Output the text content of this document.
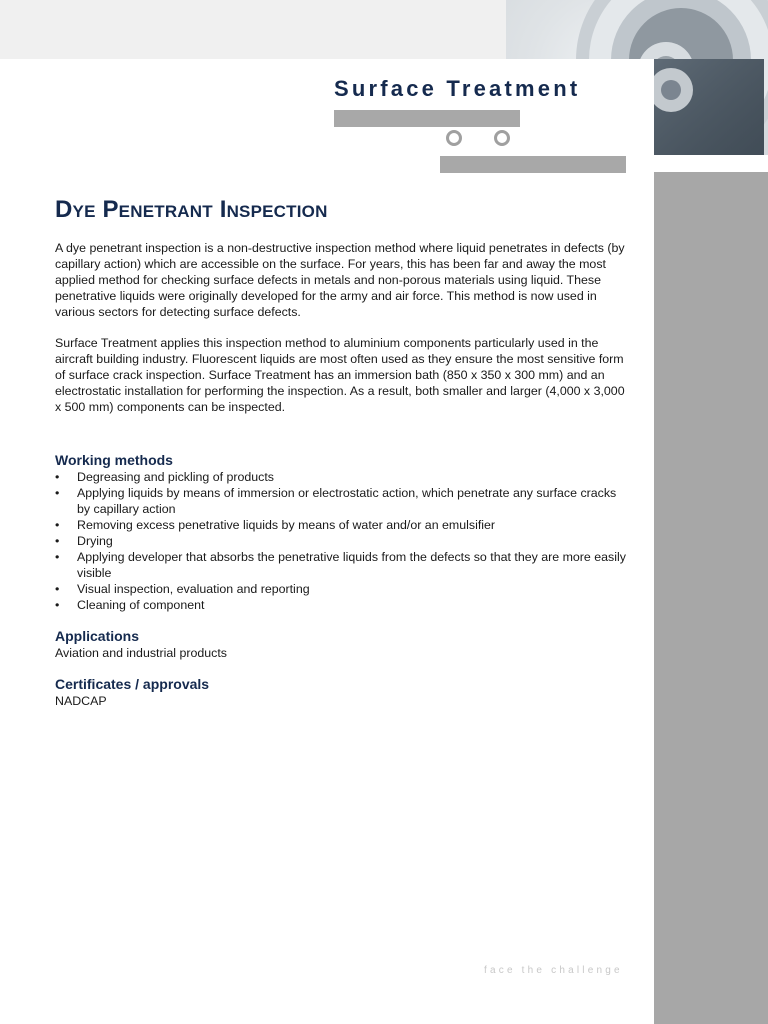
Surface Treatment
Dye Penetrant Inspection

A dye penetrant inspection is a non-destructive inspection method where liquid penetrates in defects (by capillary action) which are accessible on the surface. For years, this has been far and away the most applied method for checking surface defects in metals and non-porous materials using liquid. These penetrative liquids were originally developed for the army and air force. This method is now used in various sectors for detecting surface defects.

Surface Treatment applies this inspection method to aluminium components particularly used in the aircraft building industry. Fluorescent liquids are most often used as they ensure the most sensitive form of surface crack inspection. Surface Treatment has an immersion bath (850 x 350 x 300 mm) and an electrostatic installation for performing the inspection. As a result, both smaller and larger (4,000 x 3,000 x 500 mm) components can be inspected.

Working methods
• Degreasing and pickling of products
• Applying liquids by means of immersion or electrostatic action, which penetrate any surface cracks by capillary action
• Removing excess penetrative liquids by means of water and/or an emulsifier
• Drying
• Applying developer that absorbs the penetrative liquids from the defects so that they are more easily visible
• Visual inspection, evaluation and reporting
• Cleaning of component
Applications
Aviation and industrial products
Certificates / approvals
NADCAP
face the challenge
